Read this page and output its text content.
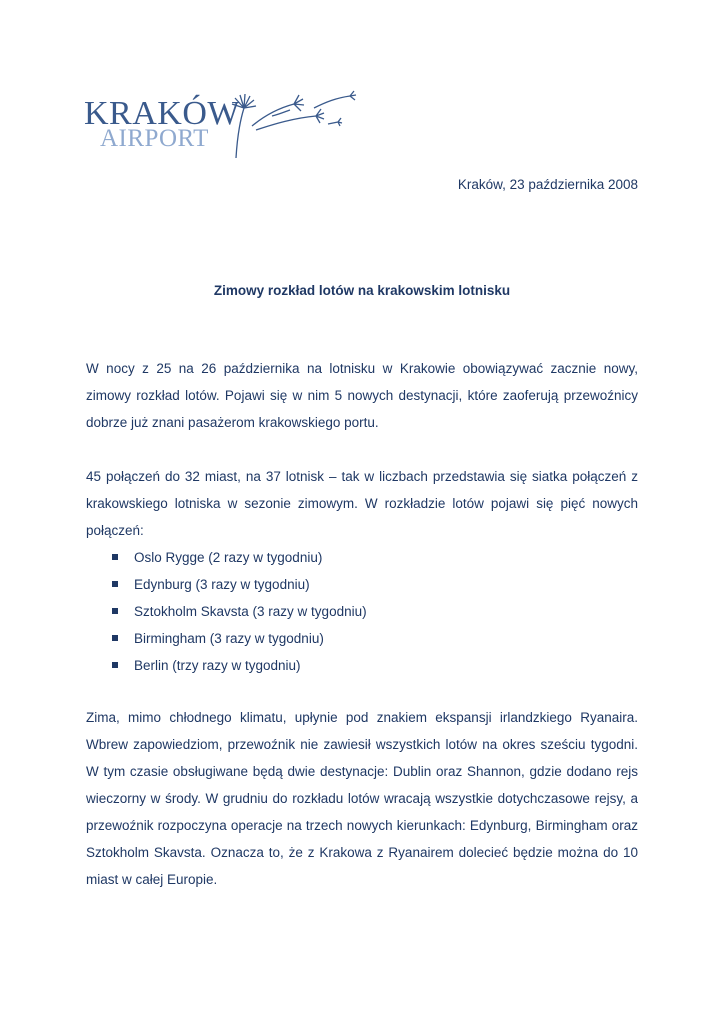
KRAKÓW
AIRPORT
Kraków, 23 października 2008
Zimowy rozkład lotów na krakowskim lotnisku

W nocy z 25 na 26 października na lotnisku w Krakowie obowiązywać zacznie nowy, zimowy rozkład lotów. Pojawi się w nim 5 nowych destynacji, które zaoferują przewoźnicy dobrze już znani pasażerom krakowskiego portu.

45 połączeń do 32 miast, na 37 lotnisk – tak w liczbach przedstawia się siatka połączeń z krakowskiego lotniska w sezonie zimowym. W rozkładzie lotów pojawi się pięć nowych połączeń:

Oslo Rygge (2 razy w tygodniu)
Edynburg (3 razy w tygodniu)
Sztokholm Skavsta (3 razy w tygodniu)
Birmingham (3 razy w tygodniu)
Berlin (trzy razy w tygodniu)

Zima, mimo chłodnego klimatu, upłynie pod znakiem ekspansji irlandzkiego Ryanaira. Wbrew zapowiedziom, przewoźnik nie zawiesił wszystkich lotów na okres sześciu tygodni. W tym czasie obsługiwane będą dwie destynacje: Dublin oraz Shannon, gdzie dodano rejs wieczorny w środy. W grudniu do rozkładu lotów wracają wszystkie dotychczasowe rejsy, a przewoźnik rozpoczyna operacje na trzech nowych kierunkach: Edynburg, Birmingham oraz Sztokholm Skavsta. Oznacza to, że z Krakowa z Ryanairem dolecieć będzie można do 10 miast w całej Europie.
